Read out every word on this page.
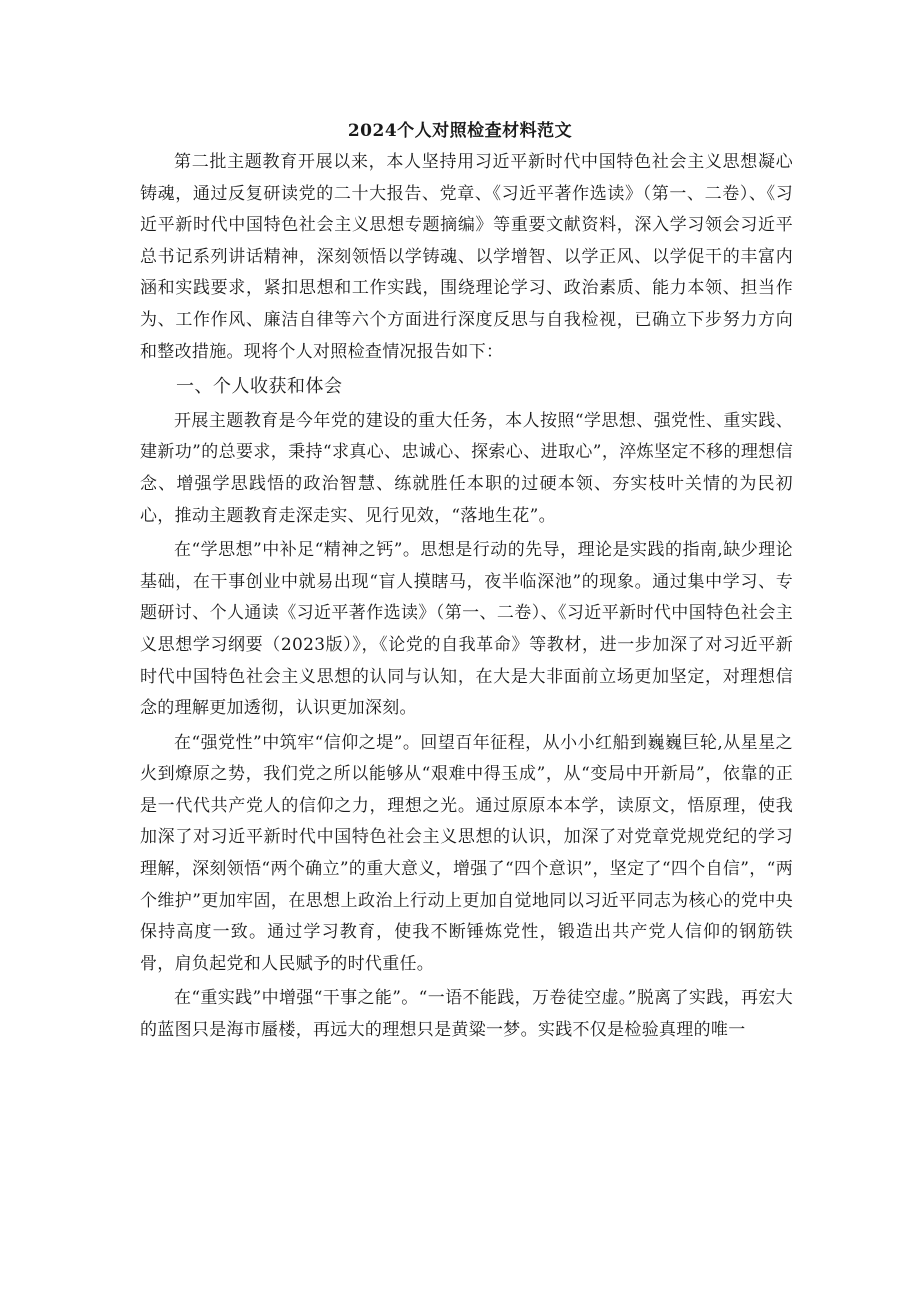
2024个人对照检查材料范文

第二批主题教育开展以来，本人坚持用习近平新时代中国特色社会主义思想凝心铸魂，通过反复研读党的二十大报告、党章、《习近平著作选读》（第一、二卷）、《习近平新时代中国特色社会主义思想专题摘编》等重要文献资料，深入学习领会习近平总书记系列讲话精神，深刻领悟以学铸魂、以学增智、以学正风、以学促干的丰富内涵和实践要求，紧扣思想和工作实践，围绕理论学习、政治素质、能力本领、担当作为、工作作风、廉洁自律等六个方面进行深度反思与自我检视，已确立下步努力方向和整改措施。现将个人对照检查情况报告如下：

一、个人收获和体会

开展主题教育是今年党的建设的重大任务，本人按照“学思想、强党性、重实践、建新功”的总要求，秉持“求真心、忠诚心、探索心、进取心”，淬炼坚定不移的理想信念、增强学思践悟的政治智慧、练就胜任本职的过硬本领、夯实枝叶关情的为民初心，推动主题教育走深走实、见行见效，“落地生花”。

在“学思想”中补足“精神之钙”。思想是行动的先导，理论是实践的指南,缺少理论基础，在干事创业中就易出现“盲人摸瞎马，夜半临深池”的现象。通过集中学习、专题研讨、个人通读《习近平著作选读》（第一、二卷）、《习近平新时代中国特色社会主义思想学习纲要（2023版）》，《论党的自我革命》等教材，进一步加深了对习近平新时代中国特色社会主义思想的认同与认知，在大是大非面前立场更加坚定，对理想信念的理解更加透彻，认识更加深刻。

在“强党性”中筑牢“信仰之堤”。回望百年征程，从小小红船到巍巍巨轮,从星星之火到燎原之势，我们党之所以能够从“艰难中得玉成”，从“变局中开新局”，依靠的正是一代代共产党人的信仰之力，理想之光。通过原原本本学，读原文，悟原理，使我加深了对习近平新时代中国特色社会主义思想的认识，加深了对党章党规党纪的学习理解，深刻领悟“两个确立”的重大意义，增强了“四个意识”，坚定了“四个自信”，“两个维护”更加牢固，在思想上政治上行动上更加自觉地同以习近平同志为核心的党中央保持高度一致。通过学习教育，使我不断锤炼党性，锻造出共产党人信仰的钢筋铁骨，肩负起党和人民赋予的时代重任。

在“重实践”中增强“干事之能”。“一语不能践，万卷徒空虚。”脱离了实践，再宏大的蓝图只是海市蜃楼，再远大的理想只是黄粱一梦。实践不仅是检验真理的唯一
